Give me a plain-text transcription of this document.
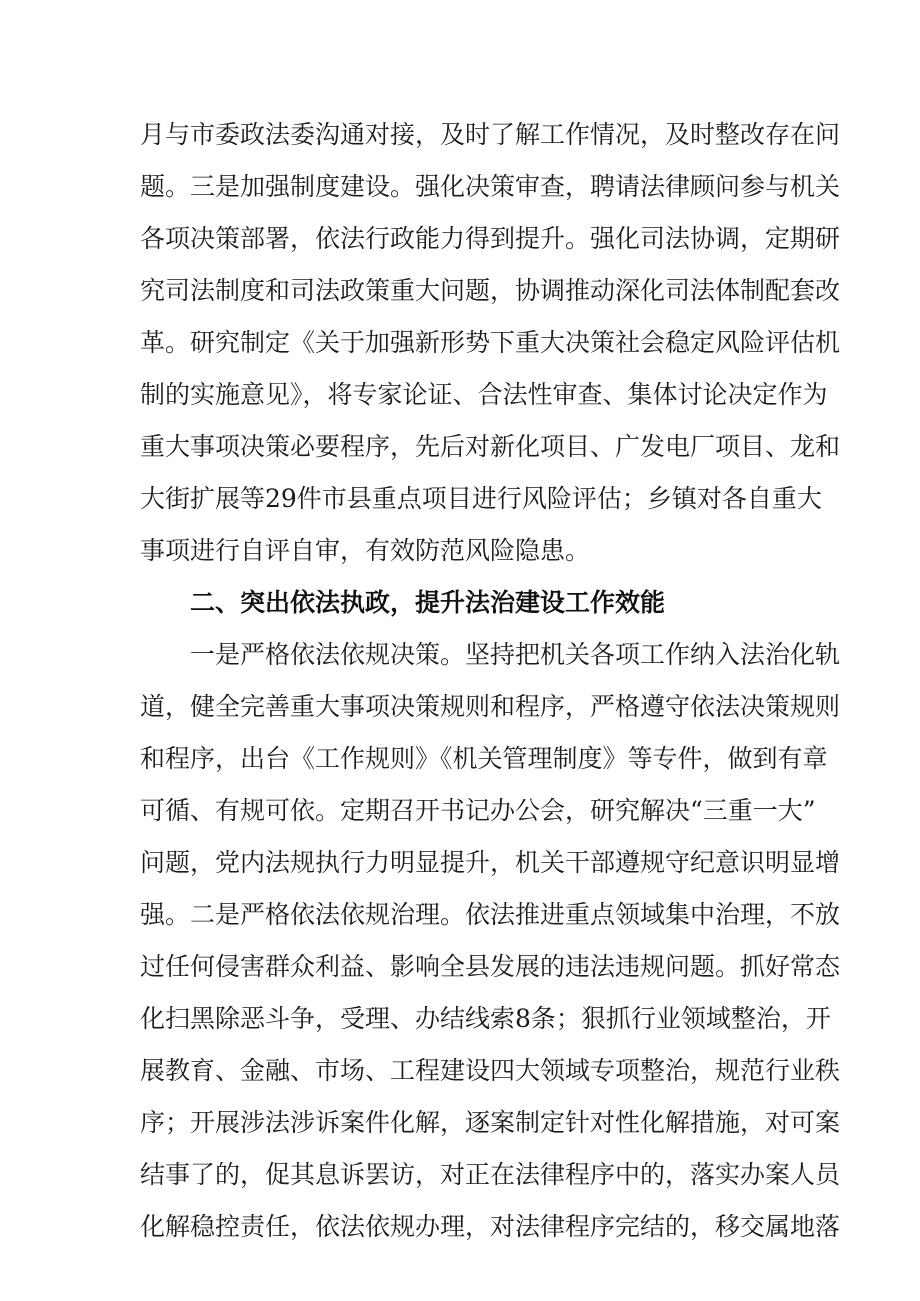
月与市委政法委沟通对接，及时了解工作情况，及时整改存在问
题。三是加强制度建设。强化决策审查，聘请法律顾问参与机关
各项决策部署，依法行政能力得到提升。强化司法协调，定期研
究司法制度和司法政策重大问题，协调推动深化司法体制配套改
革。研究制定《关于加强新形势下重大决策社会稳定风险评估机
制的实施意见》，将专家论证、合法性审查、集体讨论决定作为
重大事项决策必要程序，先后对新化项目、广发电厂项目、龙和
大街扩展等29件市县重点项目进行风险评估；乡镇对各自重大
事项进行自评自审，有效防范风险隐患。
二、突出依法执政，提升法治建设工作效能
一是严格依法依规决策。坚持把机关各项工作纳入法治化轨
道，健全完善重大事项决策规则和程序，严格遵守依法决策规则
和程序，出台《工作规则》《机关管理制度》等专件，做到有章
可循、有规可依。定期召开书记办公会，研究解决“三重一大”
问题，党内法规执行力明显提升，机关干部遵规守纪意识明显增
强。二是严格依法依规治理。依法推进重点领域集中治理，不放
过任何侵害群众利益、影响全县发展的违法违规问题。抓好常态
化扫黑除恶斗争，受理、办结线索8条；狠抓行业领域整治，开
展教育、金融、市场、工程建设四大领域专项整治，规范行业秩
序；开展涉法涉诉案件化解，逐案制定针对性化解措施，对可案
结事了的，促其息诉罢访，对正在法律程序中的，落实办案人员
化解稳控责任，依法依规办理，对法律程序完结的，移交属地落
